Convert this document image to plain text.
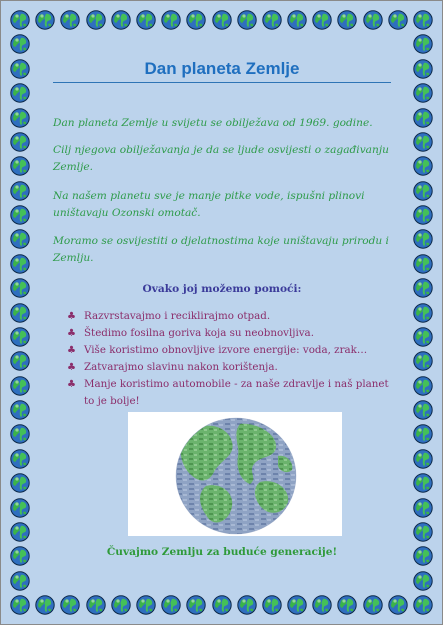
Dan planeta Zemlje

Dan planeta Zemlje u svijetu se obilježava od 1969. godine.

Cilj njegova obilježavanja je da se ljude osvijesti o zagađivanju Zemlje.

Na našem planetu sve je manje pitke vode, ispušni plinovi uništavaju Ozonski omotač.

Moramo se osvijestiti o djelatnostima koje uništavaju prirodu i Zemlju.

Ovako joj možemo pomoći:
♣ Razvrstavajmo i reciklirajmo otpad.
♣ Štedimo fosilna goriva koja su neobnovljiva.
♣ Više koristimo obnovljive izvore energije: voda, zrak…
♣ Zatvarajmo slavinu nakon korištenja.
♣ Manje koristimo automobile - za naše zdravlje i naš planet to je bolje!
Čuvajmo Zemlju za buduće generacije!
